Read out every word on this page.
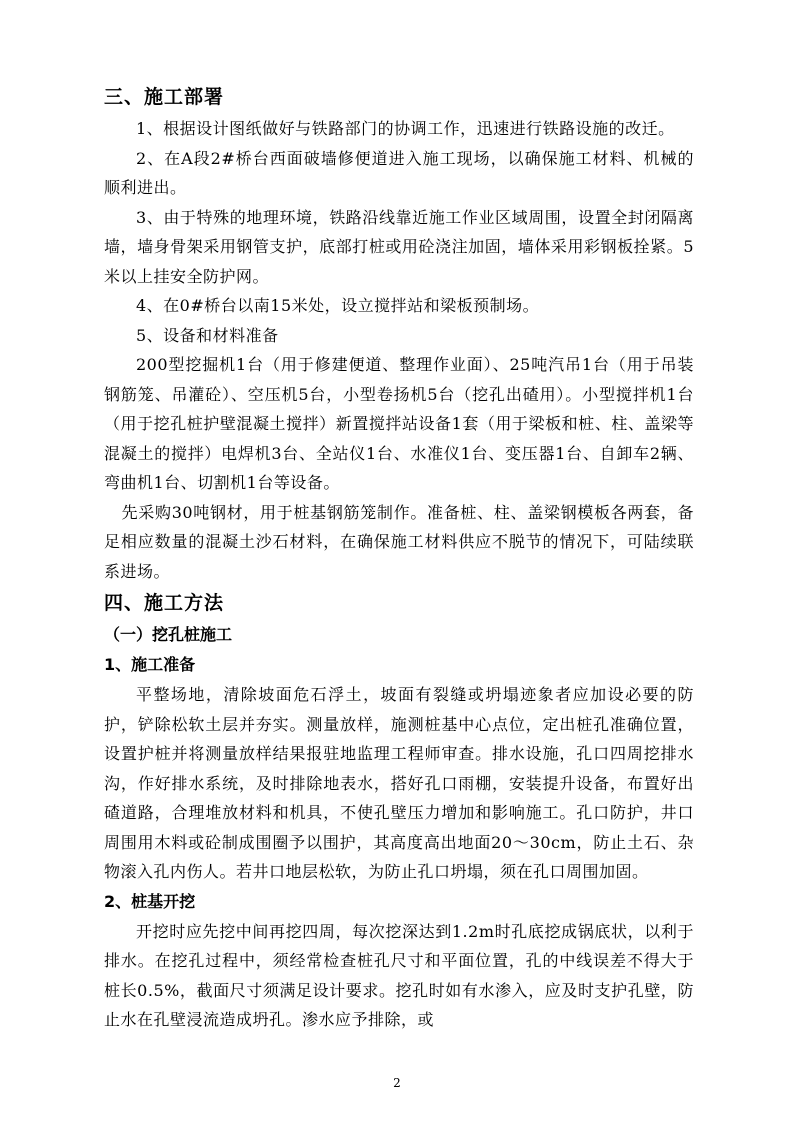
三、施工部署

1、根据设计图纸做好与铁路部门的协调工作，迅速进行铁路设施的改迁。

2、在A段2#桥台西面破墙修便道进入施工现场，以确保施工材料、机械的顺利进出。

3、由于特殊的地理环境，铁路沿线靠近施工作业区域周围，设置全封闭隔离墙，墙身骨架采用钢管支护，底部打桩或用砼浇注加固，墙体采用彩钢板拴紧。5米以上挂安全防护网。

4、在0#桥台以南15米处，设立搅拌站和梁板预制场。

5、设备和材料准备

200型挖掘机1台（用于修建便道、整理作业面）、25吨汽吊1台（用于吊装钢筋笼、吊灌砼）、空压机5台，小型卷扬机5台（挖孔出碴用）。小型搅拌机1台（用于挖孔桩护壁混凝土搅拌）新置搅拌站设备1套（用于梁板和桩、柱、盖梁等混凝土的搅拌）电焊机3台、全站仪1台、水准仪1台、变压器1台、自卸车2辆、弯曲机1台、切割机1台等设备。

先采购30吨钢材，用于桩基钢筋笼制作。准备桩、柱、盖梁钢模板各两套，备足相应数量的混凝土沙石材料，在确保施工材料供应不脱节的情况下，可陆续联系进场。

四、施工方法

（一）挖孔桩施工

1、施工准备

平整场地，清除坡面危石浮土，坡面有裂缝或坍塌迹象者应加设必要的防护，铲除松软土层并夯实。测量放样，施测桩基中心点位，定出桩孔准确位置，设置护桩并将测量放样结果报驻地监理工程师审查。排水设施，孔口四周挖排水沟，作好排水系统，及时排除地表水，搭好孔口雨棚，安装提升设备，布置好出碴道路，合理堆放材料和机具，不使孔壁压力增加和影响施工。孔口防护，井口周围用木料或砼制成围圈予以围护，其高度高出地面20～30cm，防止土石、杂物滚入孔内伤人。若井口地层松软，为防止孔口坍塌，须在孔口周围加固。

2、桩基开挖

开挖时应先挖中间再挖四周，每次挖深达到1.2m时孔底挖成锅底状，以利于排水。在挖孔过程中，须经常检查桩孔尺寸和平面位置，孔的中线误差不得大于桩长0.5%，截面尺寸须满足设计要求。挖孔时如有水渗入，应及时支护孔壁，防止水在孔壁浸流造成坍孔。渗水应予排除，或

2
